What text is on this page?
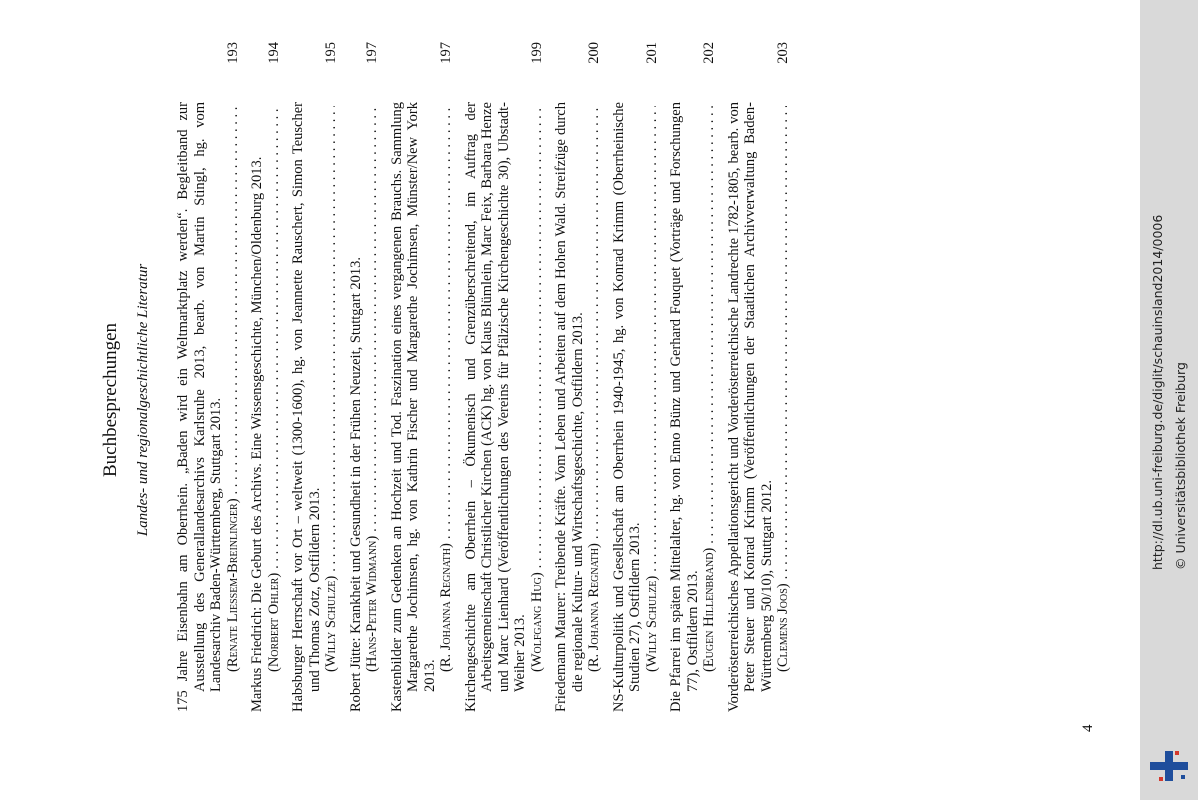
4
Buchbesprechungen Landes- und regionalgeschichtliche Literatur 175 Jahre Eisenbahn am Oberrhein. „Baden wird ein Weltmarktplatz werden“. Begleitband zur Ausstellung des Generallandesarchivs Karlsruhe 2013, bearb. von Martin Stingl, hg. vom Landesarchiv Baden-Württemberg, Stuttgart 2013. (Renate Liessem-Breinlinger)
. . .
193
Markus Friedrich: Die Geburt des Archivs. Eine Wissensgeschichte, München/Oldenburg 2013. (Norbert Ohler)
. . .
194
Habsburger Herrschaft vor Ort – weltweit (1300-1600), hg. von Jeannette Rauschert, Simon Teuscher und Thomas Zotz, Ostfildern 2013. (Willy Schulze)
. . .
195
Robert Jütte: Krankheit und Gesundheit in der Frühen Neuzeit, Stuttgart 2013. (Hans-Peter Widmann)
. . .
197
Kastenbilder zum Gedenken an Hochzeit und Tod. Faszination eines vergangenen Brauchs. Sammlung Margarethe Jochimsen, hg. von Kathrin Fischer und Margarethe Jochimsen, Münster/New York 2013.
(R. Johanna Regnath)
. . .
197
Kirchengeschichte am Oberrhein – Ökumenisch und Grenzüberschreitend, im Auftrag der Arbeitsgemeinschaft Christlicher Kirchen (ACK) hg. von Klaus Blümlein, Marc Feix, Barbara Henze und Marc Lienhard (Veröffentlichungen des Vereins für Pfälzische Kirchengeschichte 30), Ubstadt-Weiher 2013. (Wolfgang Hug)
. . .
199
Friedemann Maurer: Treibende Kräfte. Vom Leben und Arbeiten auf dem Hohen Wald. Streifzüge durch die regionale Kultur- und Wirtschaftsgeschichte, Ostfildern 2013. (R. Johanna Regnath)
. . .
200
NS-Kulturpolitik und Gesellschaft am Oberrhein 1940-1945, hg. von Konrad Krimm (Oberrheinische Studien 27), Ostfildern 2013. (Willy Schulze)
. . .
201
Die Pfarrei im späten Mittelalter, hg. von Enno Bünz und Gerhard Fouquet (Vorträge und Forschungen 77), Ostfildern 2013. (Eugen Hillenbrand)
. . .
202
Vorderösterreichisches Appellationsgericht und Vorderösterreichische Landrechte 1782-1805, bearb. von Peter Steuer und Konrad Krimm (Veröffentlichungen der Staatlichen Archivverwaltung Baden-Württemberg 50/10), Stuttgart 2012. (Clemens Joos)
. . .
203
http://dl.ub.uni-freiburg.de/diglit/schauinsland2014/0006 © Universitätsbibliothek Freiburg
